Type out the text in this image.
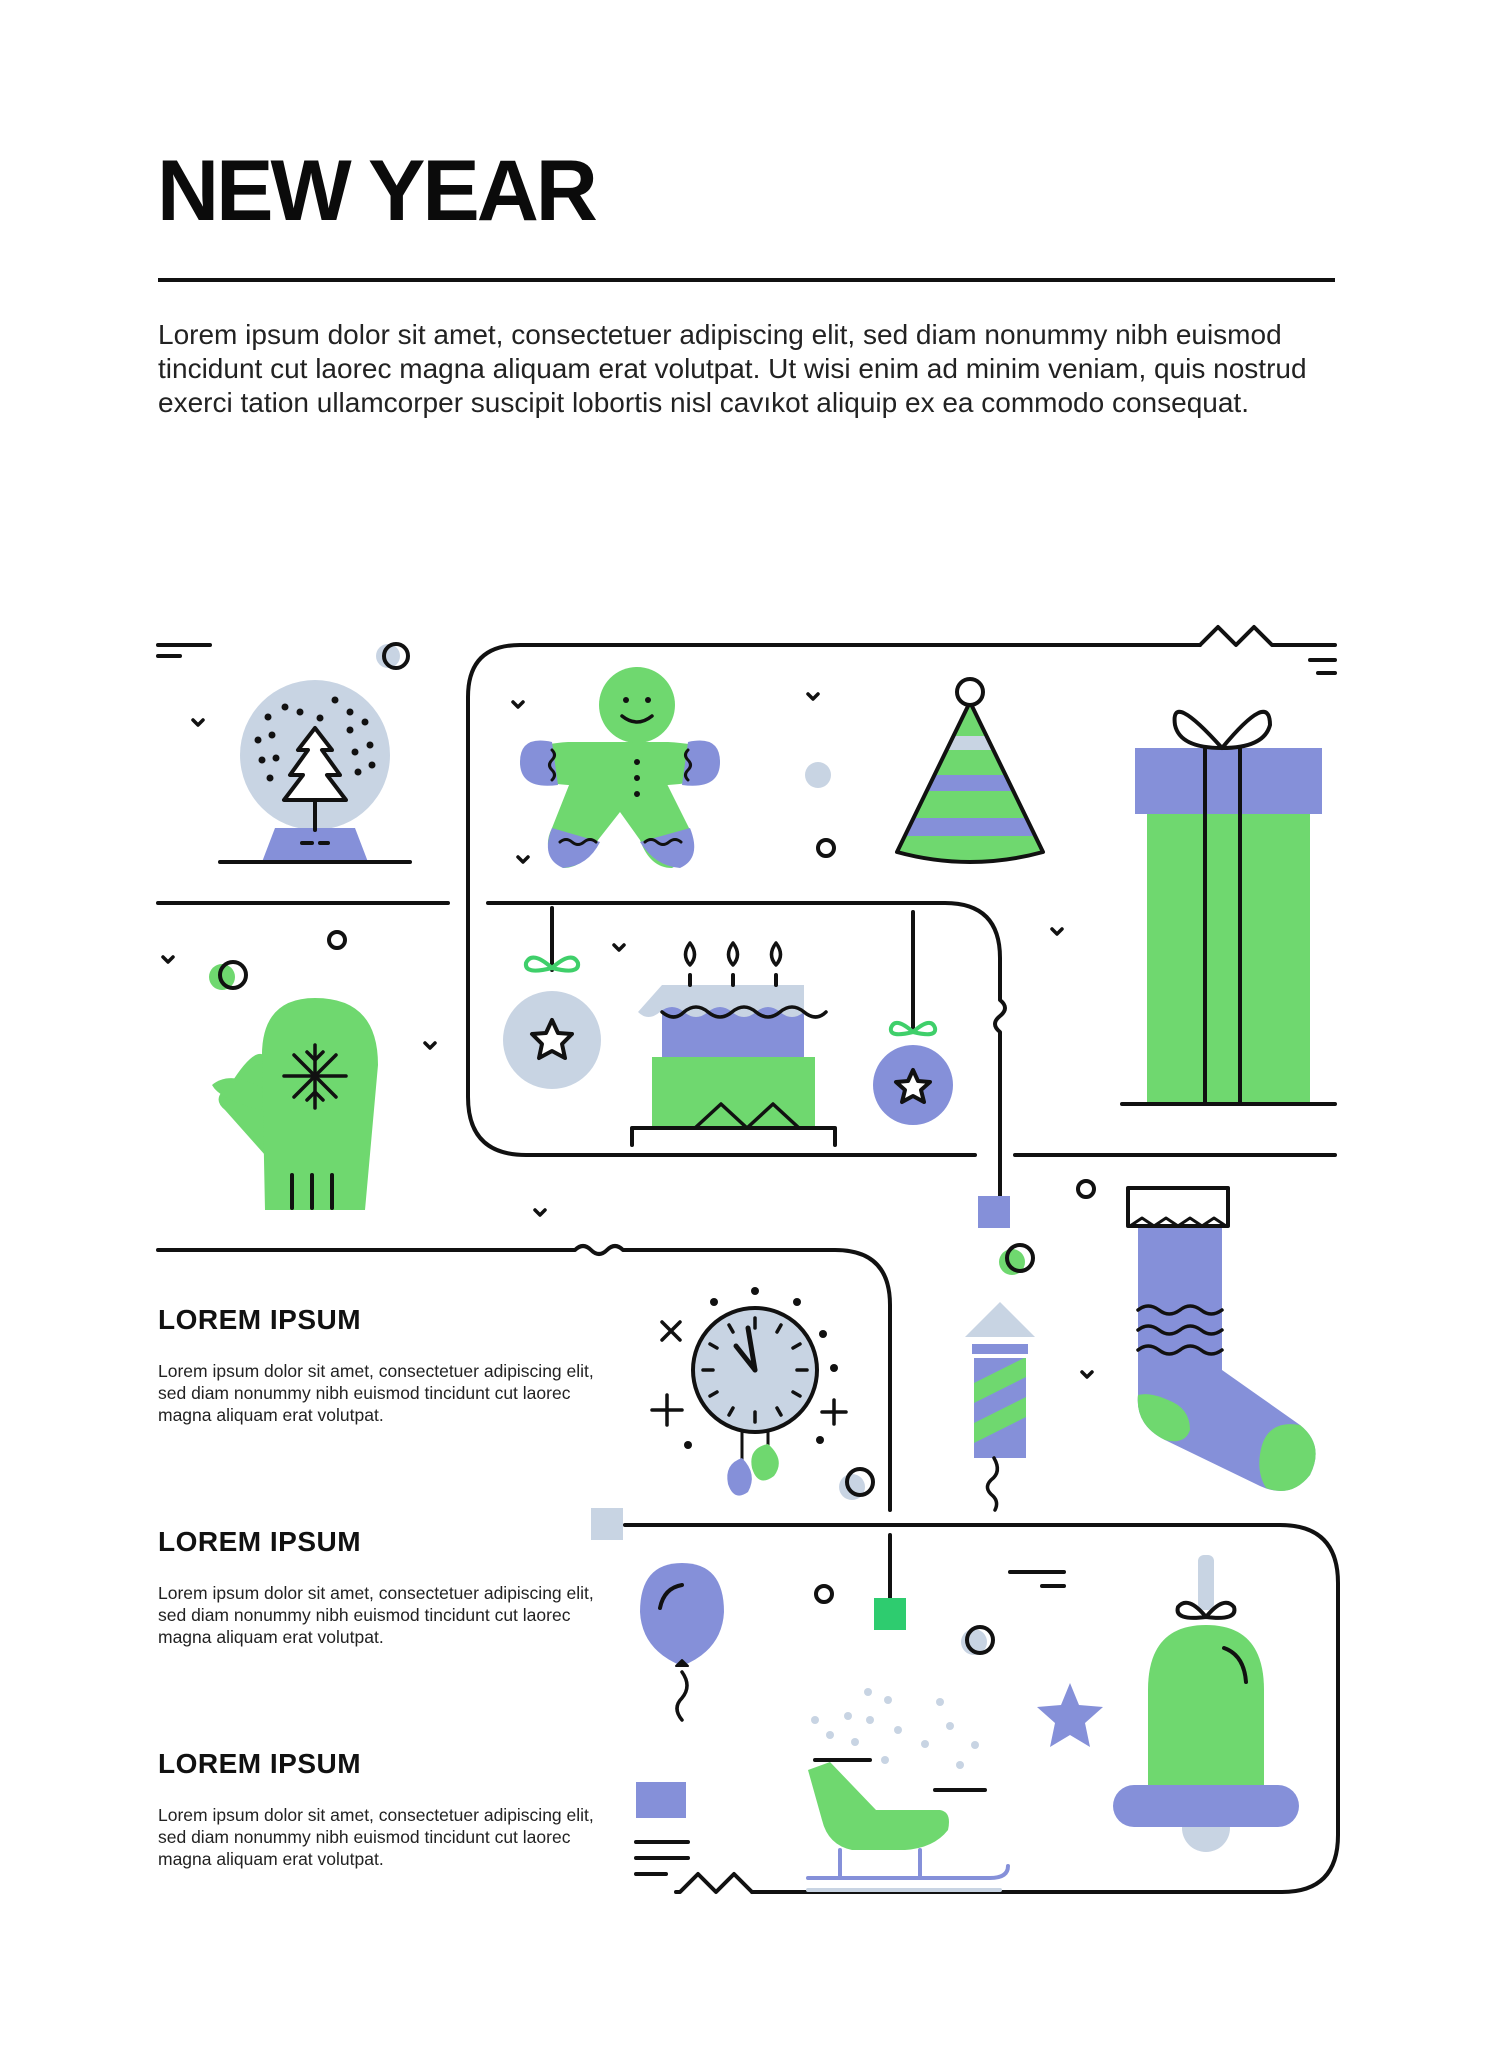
NEW YEAR

Lorem ipsum dolor sit amet, consectetuer adipiscing elit, sed diam nonummy nibh euismod tincidunt cut laorec magna aliquam erat volutpat. Ut wisi enim ad minim veniam, quis nostrud exerci tation ullamcorper suscipit lobortis nisl cavıkot aliquip ex ea commodo consequat.

LOREM IPSUM

Lorem ipsum dolor sit amet, consectetuer adipiscing elit, sed diam nonummy nibh euismod tincidunt cut laorec magna aliquam erat volutpat.

LOREM IPSUM

Lorem ipsum dolor sit amet, consectetuer adipiscing elit, sed diam nonummy nibh euismod tincidunt cut laorec magna aliquam erat volutpat.

LOREM IPSUM

Lorem ipsum dolor sit amet, consectetuer adipiscing elit, sed diam nonummy nibh euismod tincidunt cut laorec magna aliquam erat volutpat.
